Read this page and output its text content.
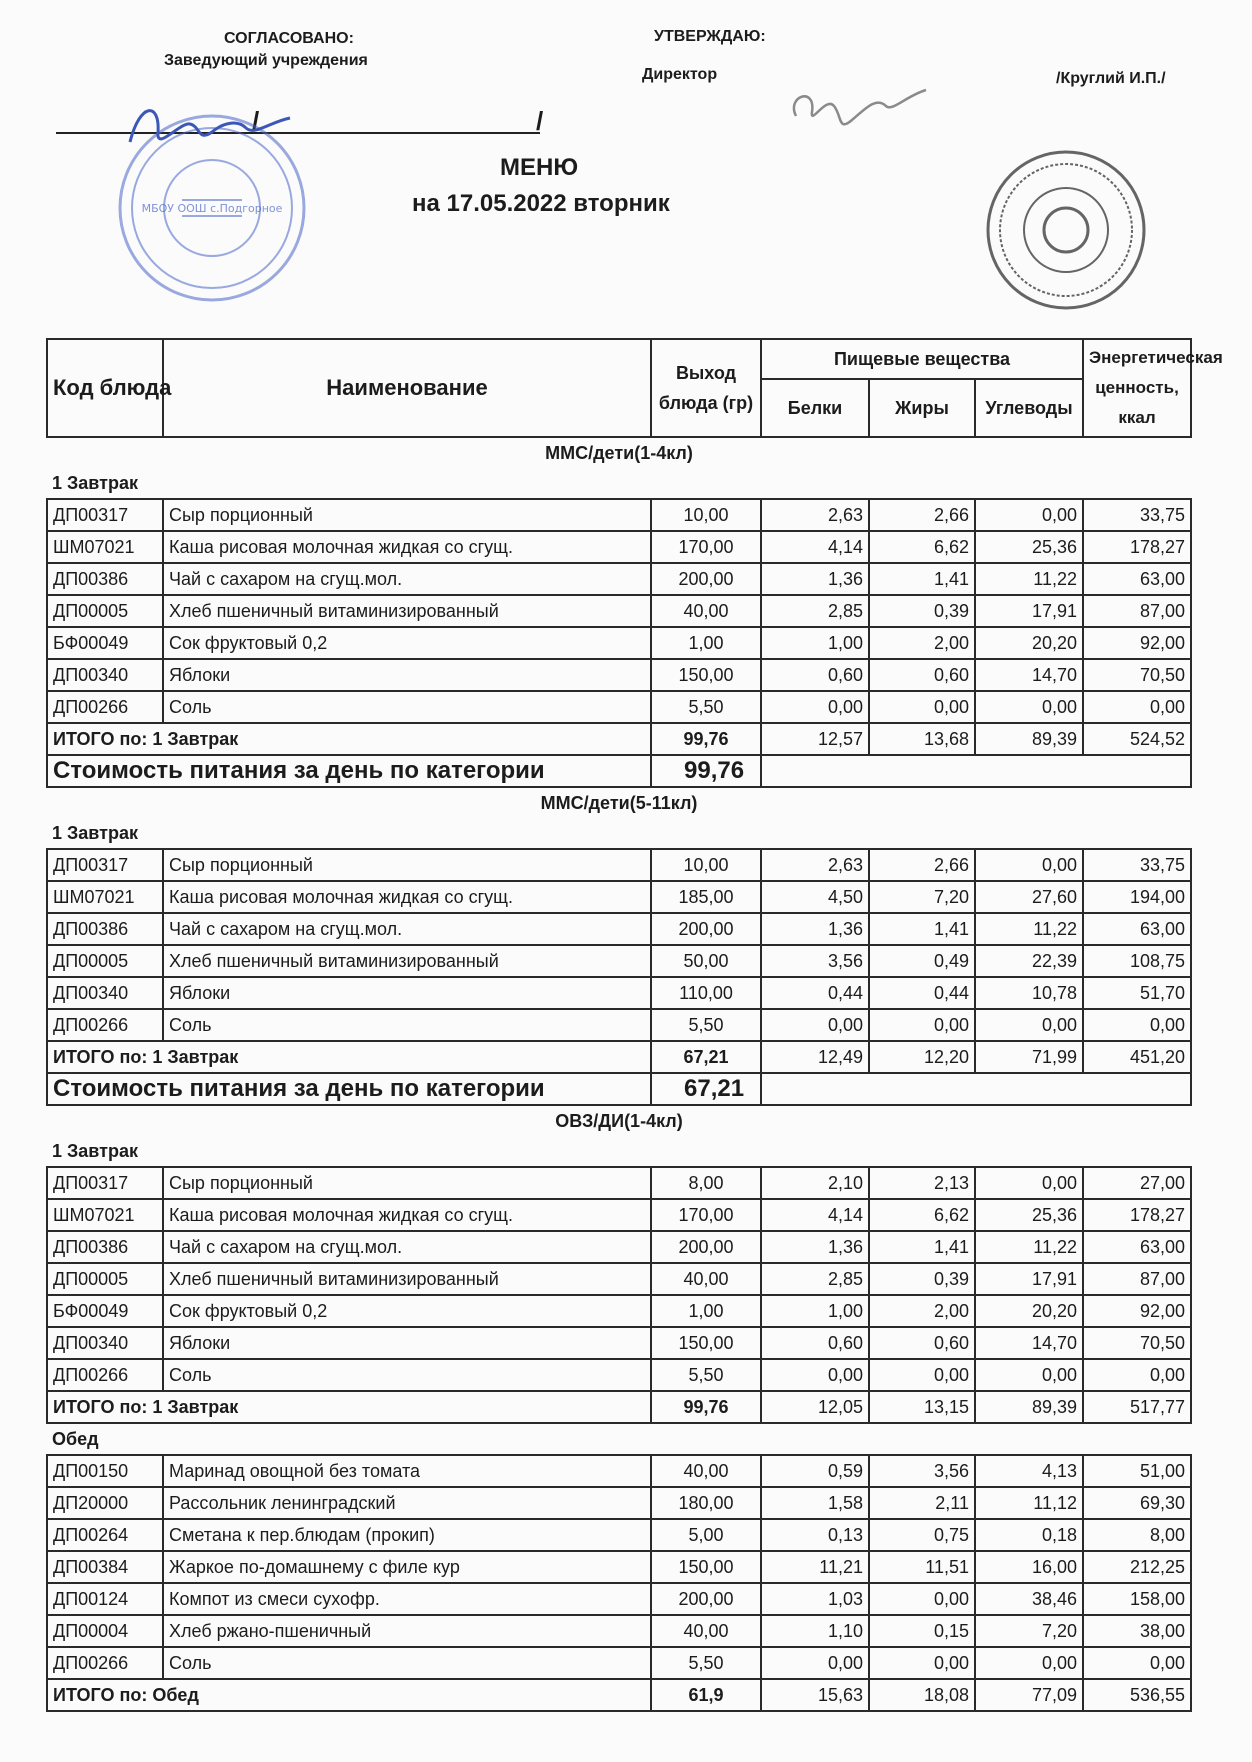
СОГЛАСОВАНО:
Заведующий учреждения
УТВЕРЖДАЮ:
Директор	/Круглий И.П./
/	/
МБОУ ООШ с.Подгорное
МЕНЮ
на 17.05.2022 вторник
Код блюда	Наименование	Выход блюда (гр)	Пищевые вещества			Энергетическая ценность, ккал
			Белки	Жиры	Углеводы	
ММС/дети(1-4кл)						
1 Завтрак						
ДП00317	Сыр порционный	10,00	2,63	2,66	0,00	33,75
ШМ07021	Каша рисовая молочная жидкая со сгущ.	170,00	4,14	6,62	25,36	178,27
ДП00386	Чай с сахаром на сгущ.мол.	200,00	1,36	1,41	11,22	63,00
ДП00005	Хлеб пшеничный витаминизированный	40,00	2,85	0,39	17,91	87,00
БФ00049	Сок фруктовый 0,2	1,00	1,00	2,00	20,20	92,00
ДП00340	Яблоки	150,00	0,60	0,60	14,70	70,50
ДП00266	Соль	5,50	0,00	0,00	0,00	0,00
ИТОГО по: 1 Завтрак		99,76	12,57	13,68	89,39	524,52
Стоимость питания за день по категории		99,76				
ММС/дети(5-11кл)						
1 Завтрак						
ДП00317	Сыр порционный	10,00	2,63	2,66	0,00	33,75
ШМ07021	Каша рисовая молочная жидкая со сгущ.	185,00	4,50	7,20	27,60	194,00
ДП00386	Чай с сахаром на сгущ.мол.	200,00	1,36	1,41	11,22	63,00
ДП00005	Хлеб пшеничный витаминизированный	50,00	3,56	0,49	22,39	108,75
ДП00340	Яблоки	110,00	0,44	0,44	10,78	51,70
ДП00266	Соль	5,50	0,00	0,00	0,00	0,00
ИТОГО по: 1 Завтрак		67,21	12,49	12,20	71,99	451,20
Стоимость питания за день по категории		67,21				
ОВЗ/ДИ(1-4кл)						
1 Завтрак						
ДП00317	Сыр порционный	8,00	2,10	2,13	0,00	27,00
ШМ07021	Каша рисовая молочная жидкая со сгущ.	170,00	4,14	6,62	25,36	178,27
ДП00386	Чай с сахаром на сгущ.мол.	200,00	1,36	1,41	11,22	63,00
ДП00005	Хлеб пшеничный витаминизированный	40,00	2,85	0,39	17,91	87,00
БФ00049	Сок фруктовый 0,2	1,00	1,00	2,00	20,20	92,00
ДП00340	Яблоки	150,00	0,60	0,60	14,70	70,50
ДП00266	Соль	5,50	0,00	0,00	0,00	0,00
ИТОГО по: 1 Завтрак		99,76	12,05	13,15	89,39	517,77
Обед						
ДП00150	Маринад овощной без томата	40,00	0,59	3,56	4,13	51,00
ДП20000	Рассольник ленинградский	180,00	1,58	2,11	11,12	69,30
ДП00264	Сметана к пер.блюдам (прокип)	5,00	0,13	0,75	0,18	8,00
ДП00384	Жаркое по-домашнему с филе кур	150,00	11,21	11,51	16,00	212,25
ДП00124	Компот из смеси сухофр.	200,00	1,03	0,00	38,46	158,00
ДП00004	Хлеб ржано-пшеничный	40,00	1,10	0,15	7,20	38,00
ДП00266	Соль	5,50	0,00	0,00	0,00	0,00
ИТОГО по: Обед		61,9	15,63	18,08	77,09	536,55
